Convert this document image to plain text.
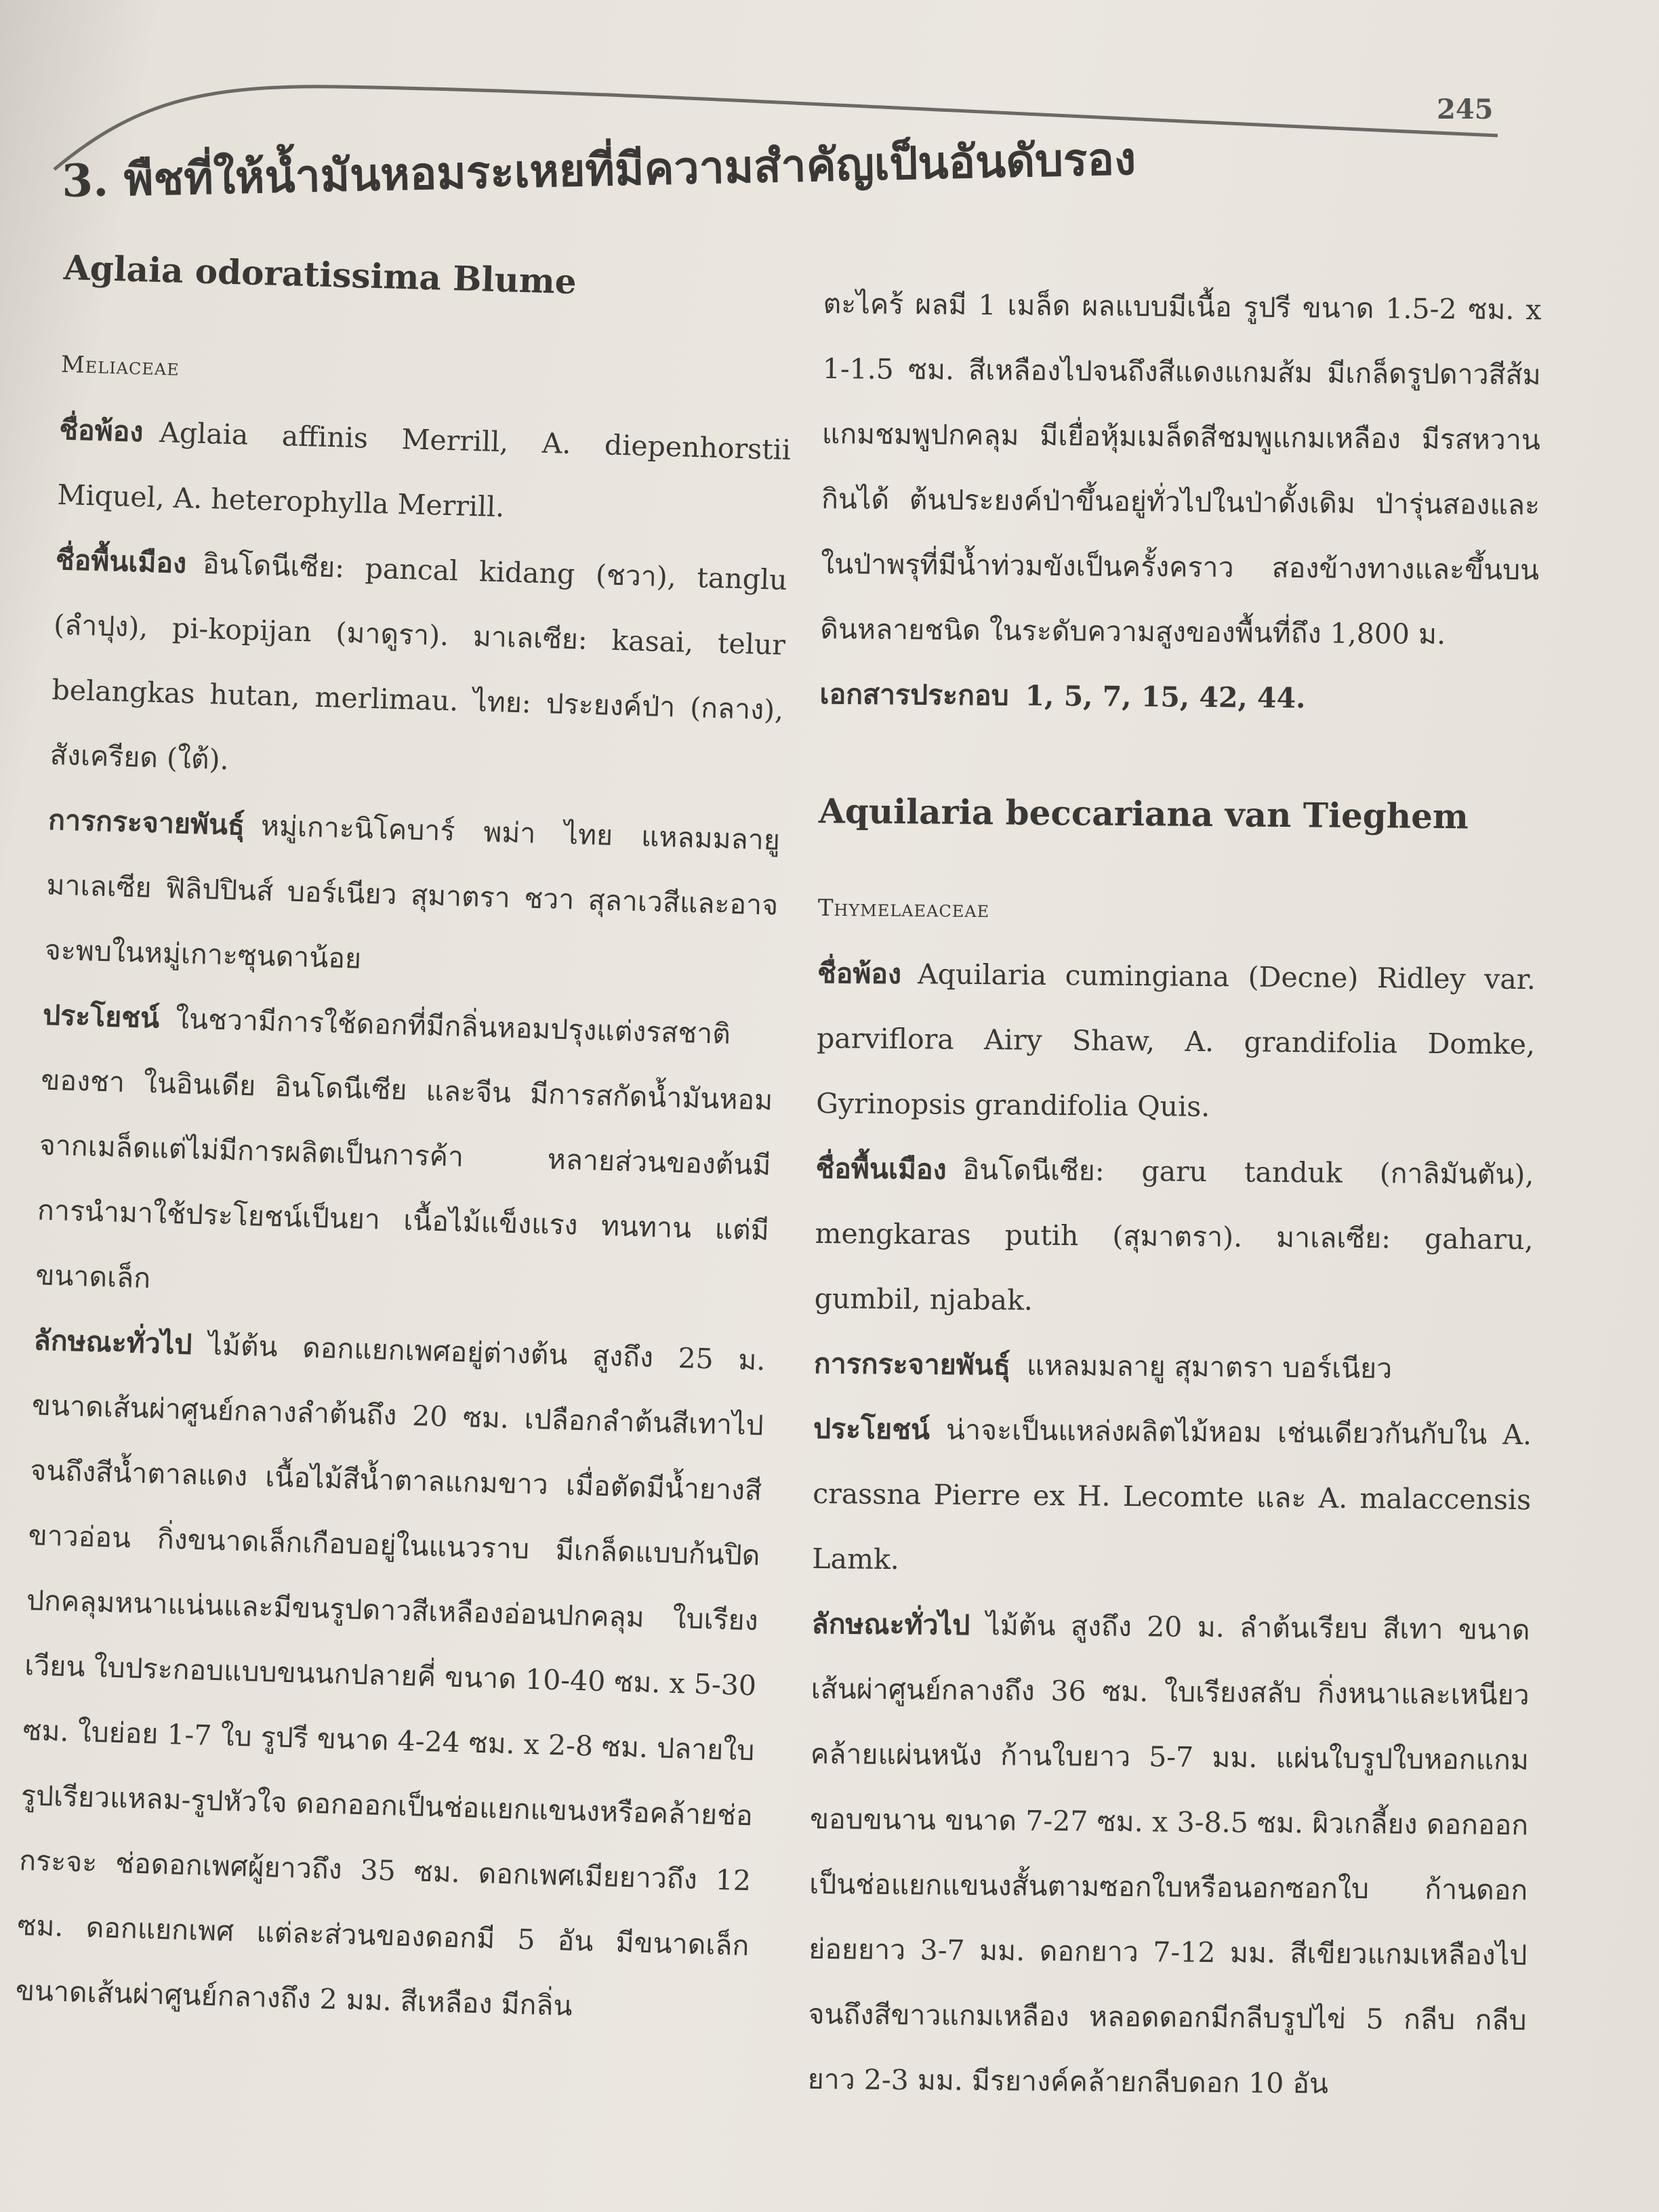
245
3. พืชที่ให้น้ำมันหอมระเหยที่มีความสำคัญเป็นอันดับรอง
Aglaia odoratissima Blume
Meliaceae

ชื่อพ้อง Aglaia affinis Merrill, A. diepenhorstii Miquel, A. heterophylla Merrill.

ชื่อพื้นเมือง อินโดนีเซีย: pancal kidang (ชวา), tanglu (ลำปุง), pi-kopijan (มาดูรา). มาเลเซีย: kasai, telur belangkas hutan, merlimau. ไทย: ประยงค์ป่า (กลาง), สังเครียด (ใต้).

การกระจายพันธุ์ หมู่เกาะนิโคบาร์ พม่า ไทย แหลมมลายู มาเลเซีย ฟิลิปปินส์ บอร์เนียว สุมาตรา ชวา สุลาเวสีและอาจจะพบในหมู่เกาะซุนดาน้อย

ประโยชน์ ในชวามีการใช้ดอกที่มีกลิ่นหอมปรุงแต่งรสชาติของชา ในอินเดีย อินโดนีเซีย และจีน มีการสกัดน้ำมันหอมจากเมล็ดแต่ไม่มีการผลิตเป็นการค้า หลายส่วนของต้นมีการนำมาใช้ประโยชน์เป็นยา เนื้อไม้แข็งแรง ทนทาน แต่มีขนาดเล็ก

ลักษณะทั่วไป ไม้ต้น ดอกแยกเพศอยู่ต่างต้น สูงถึง 25 ม. ขนาดเส้นผ่าศูนย์กลางลำต้นถึง 20 ซม. เปลือกลำต้นสีเทาไปจนถึงสีน้ำตาลแดง เนื้อไม้สีน้ำตาลแกมขาว เมื่อตัดมีน้ำยางสีขาวอ่อน กิ่งขนาดเล็กเกือบอยู่ในแนวราบ มีเกล็ดแบบก้นปิดปกคลุมหนาแน่นและมีขนรูปดาวสีเหลืองอ่อนปกคลุม ใบเรียงเวียน ใบประกอบแบบขนนกปลายคี่ ขนาด 10-40 ซม. x 5-30 ซม. ใบย่อย 1-7 ใบ รูปรี ขนาด 4-24 ซม. x 2-8 ซม. ปลายใบรูปเรียวแหลม-รูปหัวใจ ดอกออกเป็นช่อแยกแขนงหรือคล้ายช่อกระจะ ช่อดอกเพศผู้ยาวถึง 35 ซม. ดอกเพศเมียยาวถึง 12 ซม. ดอกแยกเพศ แต่ละส่วนของดอกมี 5 อัน มีขนาดเล็ก ขนาดเส้นผ่าศูนย์กลางถึง 2 มม. สีเหลือง มีกลิ่น

ตะไคร้ ผลมี 1 เมล็ด ผลแบบมีเนื้อ รูปรี ขนาด 1.5-2 ซม. x 1-1.5 ซม. สีเหลืองไปจนถึงสีแดงแกมส้ม มีเกล็ดรูปดาวสีส้มแกมชมพูปกคลุม มีเยื่อหุ้มเมล็ดสีชมพูแกมเหลือง มีรสหวาน กินได้ ต้นประยงค์ป่าขึ้นอยู่ทั่วไปในป่าดั้งเดิม ป่ารุ่นสองและในป่าพรุที่มีน้ำท่วมขังเป็นครั้งคราว สองข้างทางและขึ้นบนดินหลายชนิด ในระดับความสูงของพื้นที่ถึง 1,800 ม.

เอกสารประกอบ 1, 5, 7, 15, 42, 44.

Aquilaria beccariana van Tieghem
Thymelaeaceae

ชื่อพ้อง Aquilaria cumingiana (Decne) Ridley var. parviflora Airy Shaw, A. grandifolia Domke, Gyrinopsis grandifolia Quis.

ชื่อพื้นเมือง อินโดนีเซีย: garu tanduk (กาลิมันตัน), mengkaras putih (สุมาตรา). มาเลเซีย: gaharu, gumbil, njabak.

การกระจายพันธุ์ แหลมมลายู สุมาตรา บอร์เนียว

ประโยชน์ น่าจะเป็นแหล่งผลิตไม้หอม เช่นเดียวกันกับใน A. crassna Pierre ex H. Lecomte และ A. malaccensis Lamk.

ลักษณะทั่วไป ไม้ต้น สูงถึง 20 ม. ลำต้นเรียบ สีเทา ขนาดเส้นผ่าศูนย์กลางถึง 36 ซม. ใบเรียงสลับ กิ่งหนาและเหนียวคล้ายแผ่นหนัง ก้านใบยาว 5-7 มม. แผ่นใบรูปใบหอกแกมขอบขนาน ขนาด 7-27 ซม. x 3-8.5 ซม. ผิวเกลี้ยง ดอกออกเป็นช่อแยกแขนงสั้นตามซอกใบหรือนอกซอกใบ ก้านดอกย่อยยาว 3-7 มม. ดอกยาว 7-12 มม. สีเขียวแกมเหลืองไปจนถึงสีขาวแกมเหลือง หลอดดอกมีกลีบรูปไข่ 5 กลีบ กลีบยาว 2-3 มม. มีรยางค์คล้ายกลีบดอก 10 อัน
